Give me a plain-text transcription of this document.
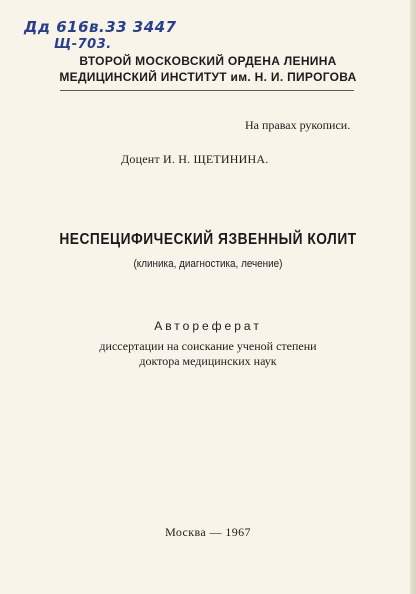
Дд 616в.33 3447
Щ-703.
ВТОРОЙ МОСКОВСКИЙ ОРДЕНА ЛЕНИНА
МЕДИЦИНСКИЙ ИНСТИТУТ им. Н. И. ПИРОГОВА
На правах рукописи.
Доцент И. Н. ЩЕТИНИНА.
НЕСПЕЦИФИЧЕСКИЙ ЯЗВЕННЫЙ КОЛИТ
(клиника, диагностика, лечение)
Автореферат
диссертации на соискание ученой степени
доктора медицинских наук
Москва — 1967
